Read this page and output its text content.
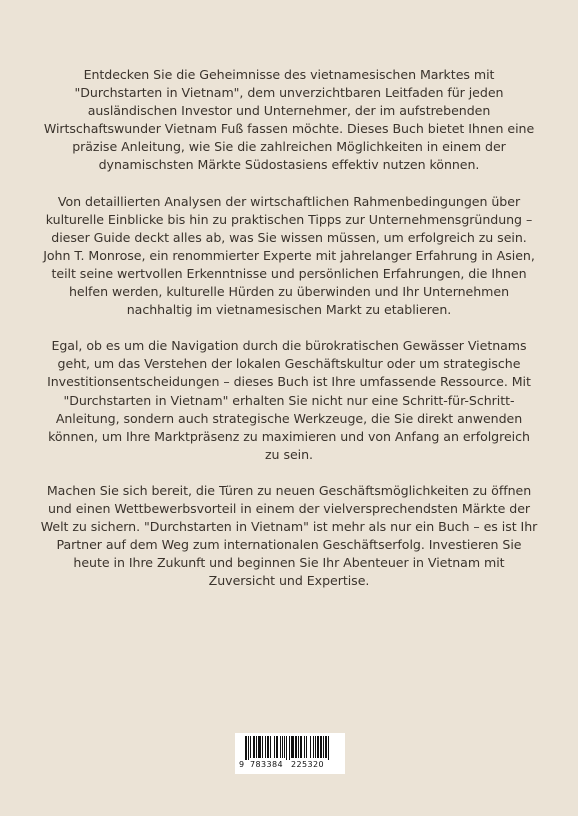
Entdecken Sie die Geheimnisse des vietnamesischen Marktes mit "Durchstarten in Vietnam", dem unverzichtbaren Leitfaden für jeden ausländischen Investor und Unternehmer, der im aufstrebenden Wirtschaftswunder Vietnam Fuß fassen möchte. Dieses Buch bietet Ihnen eine präzise Anleitung, wie Sie die zahlreichen Möglichkeiten in einem der dynamischsten Märkte Südostasiens effektiv nutzen können.

Von detaillierten Analysen der wirtschaftlichen Rahmenbedingungen über kulturelle Einblicke bis hin zu praktischen Tipps zur Unternehmensgründung – dieser Guide deckt alles ab, was Sie wissen müssen, um erfolgreich zu sein. John T. Monrose, ein renommierter Experte mit jahrelanger Erfahrung in Asien, teilt seine wertvollen Erkenntnisse und persönlichen Erfahrungen, die Ihnen helfen werden, kulturelle Hürden zu überwinden und Ihr Unternehmen nachhaltig im vietnamesischen Markt zu etablieren.

Egal, ob es um die Navigation durch die bürokratischen Gewässer Vietnams geht, um das Verstehen der lokalen Geschäftskultur oder um strategische Investitionsentscheidungen – dieses Buch ist Ihre umfassende Ressource. Mit "Durchstarten in Vietnam" erhalten Sie nicht nur eine Schritt-für-Schritt-Anleitung, sondern auch strategische Werkzeuge, die Sie direkt anwenden können, um Ihre Marktpräsenz zu maximieren und von Anfang an erfolgreich zu sein.

Machen Sie sich bereit, die Türen zu neuen Geschäftsmöglichkeiten zu öffnen und einen Wettbewerbsvorteil in einem der vielversprechendsten Märkte der Welt zu sichern. "Durchstarten in Vietnam" ist mehr als nur ein Buch – es ist Ihr Partner auf dem Weg zum internationalen Geschäftserfolg. Investieren Sie heute in Ihre Zukunft und beginnen Sie Ihr Abenteuer in Vietnam mit Zuversicht und Expertise.

9 783384 225320
